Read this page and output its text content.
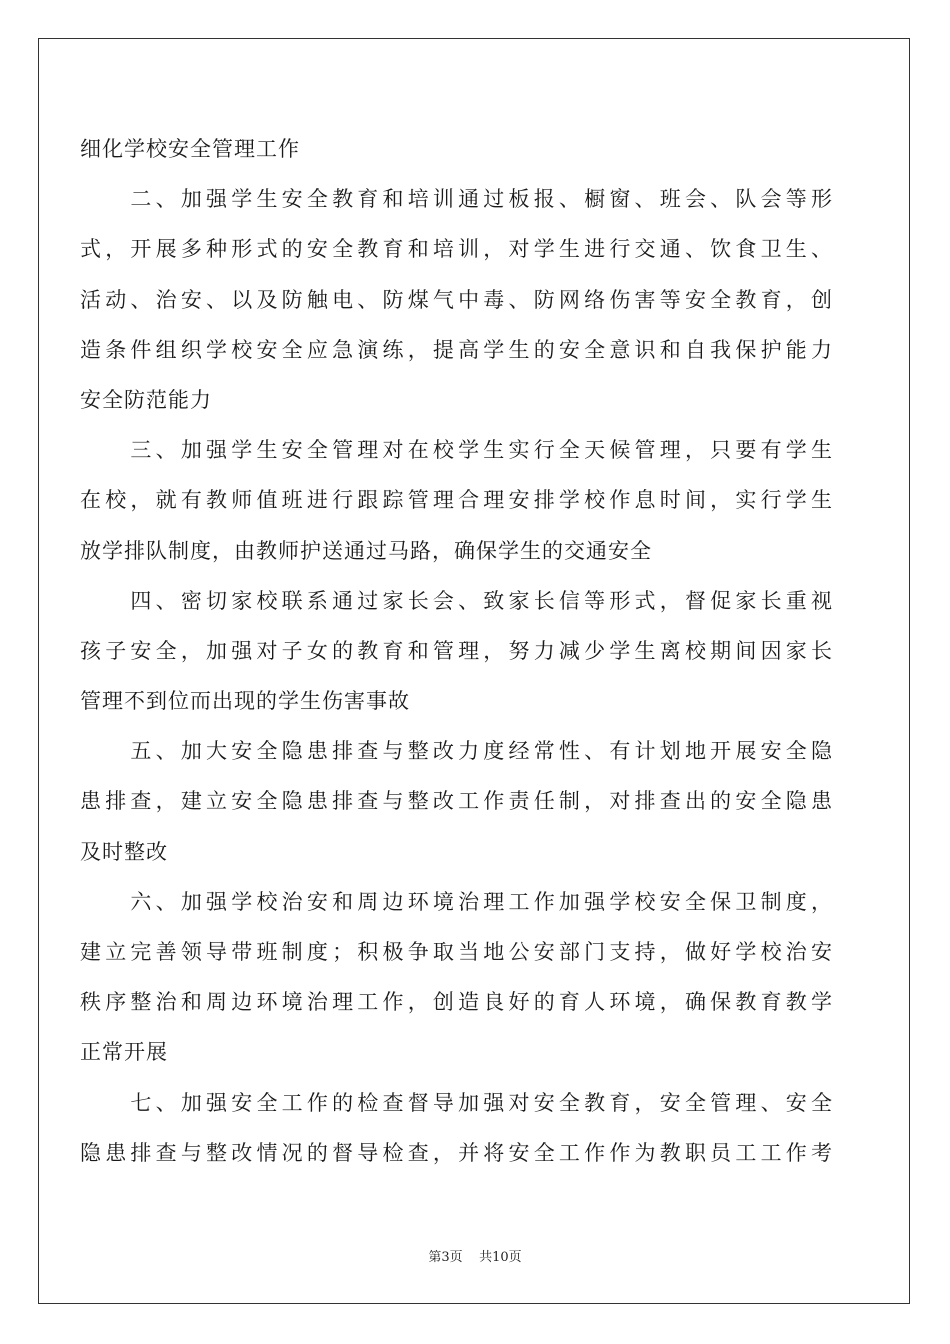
细化学校安全管理工作
　　二、加强学生安全教育和培训通过板报、橱窗、班会、队会等形
式，开展多种形式的安全教育和培训，对学生进行交通、饮食卫生、
活动、治安、以及防触电、防煤气中毒、防网络伤害等安全教育，创
造条件组织学校安全应急演练，提高学生的安全意识和自我保护能力
安全防范能力
　　三、加强学生安全管理对在校学生实行全天候管理，只要有学生
在校，就有教师值班进行跟踪管理合理安排学校作息时间，实行学生
放学排队制度，由教师护送通过马路，确保学生的交通安全
　　四、密切家校联系通过家长会、致家长信等形式，督促家长重视
孩子安全，加强对子女的教育和管理，努力减少学生离校期间因家长
管理不到位而出现的学生伤害事故
　　五、加大安全隐患排查与整改力度经常性、有计划地开展安全隐
患排查，建立安全隐患排查与整改工作责任制，对排查出的安全隐患
及时整改
　　六、加强学校治安和周边环境治理工作加强学校安全保卫制度，
建立完善领导带班制度；积极争取当地公安部门支持，做好学校治安
秩序整治和周边环境治理工作，创造良好的育人环境，确保教育教学
正常开展
　　七、加强安全工作的检查督导加强对安全教育，安全管理、安全
隐患排查与整改情况的督导检查，并将安全工作作为教职员工工作考
第3页 共10页
